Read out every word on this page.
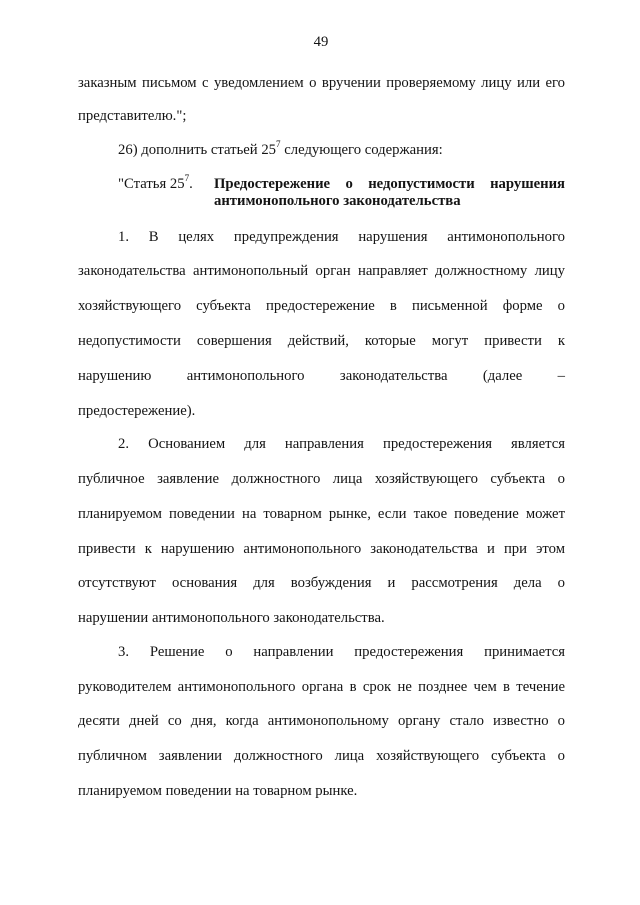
49
заказным письмом с уведомлением о вручении проверяемому лицу или его
представителю.";
26) дополнить статьей $25^7$ следующего содержания:
"Статья $25^7$.	Предостережение о недопустимости нарушения
антимонопольного законодательства
1. В целях предупреждения нарушения антимонопольного
законодательства антимонопольный орган направляет должностному лицу
хозяйствующего субъекта предостережение в письменной форме о
недопустимости совершения действий, которые могут привести к
нарушению антимонопольного законодательства (далее –
предостережение).
2. Основанием для направления предостережения является
публичное заявление должностного лица хозяйствующего субъекта о
планируемом поведении на товарном рынке, если такое поведение может
привести к нарушению антимонопольного законодательства и при этом
отсутствуют основания для возбуждения и рассмотрения дела о
нарушении антимонопольного законодательства.
3. Решение о направлении предостережения принимается
руководителем антимонопольного органа в срок не позднее чем в течение
десяти дней со дня, когда антимонопольному органу стало известно о
публичном заявлении должностного лица хозяйствующего субъекта о
планируемом поведении на товарном рынке.
